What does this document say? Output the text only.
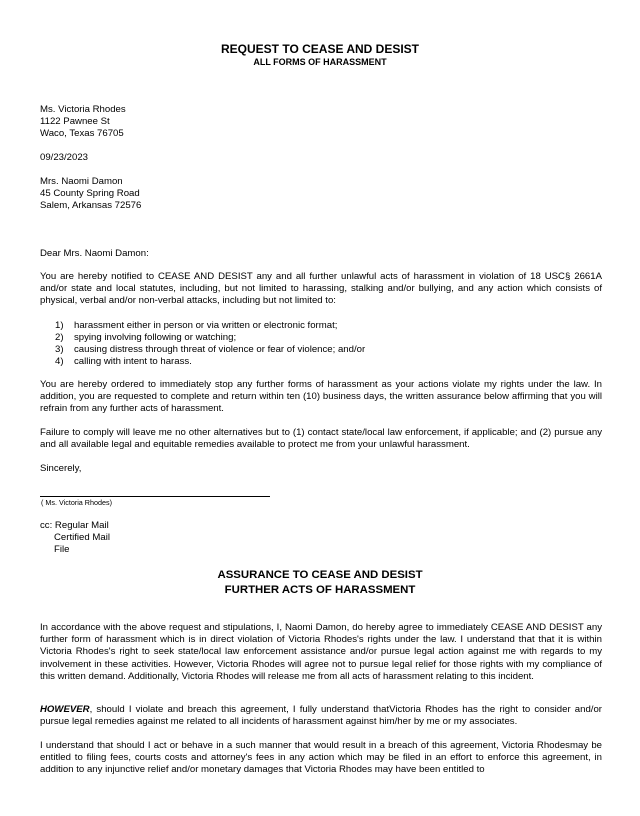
REQUEST TO CEASE AND DESIST
ALL FORMS OF HARASSMENT
Ms. Victoria Rhodes
1122 Pawnee St
Waco, Texas 76705
09/23/2023
Mrs. Naomi Damon
45 County Spring Road
Salem, Arkansas 72576
Dear Mrs. Naomi Damon:
You are hereby notified to CEASE AND DESIST any and all further unlawful acts of harassment in violation of 18 USC§ 2661A and/or state and local statutes, including, but not limited to harassing, stalking and/or bullying, and any action which consists of physical, verbal and/or non-verbal attacks, including but not limited to:
1) harassment either in person or via written or electronic format;
2) spying involving following or watching;
3) causing distress through threat of violence or fear of violence; and/or
4) calling with intent to harass.
You are hereby ordered to immediately stop any further forms of harassment as your actions violate my rights under the law. In addition, you are requested to complete and return within ten (10) business days, the written assurance below affirming that you will refrain from any further acts of harassment.
Failure to comply will leave me no other alternatives but to (1) contact state/local law enforcement, if applicable; and (2) pursue any and all available legal and equitable remedies available to protect me from your unlawful harassment.
Sincerely,
( Ms. Victoria Rhodes)
cc: Regular Mail
Certified Mail
File
ASSURANCE TO CEASE AND DESIST
FURTHER ACTS OF HARASSMENT
In accordance with the above request and stipulations, I, Naomi Damon, do hereby agree to immediately CEASE AND DESIST any further form of harassment which is in direct violation of Victoria Rhodes's rights under the law. I understand that that it is within Victoria Rhodes's right to seek state/local law enforcement assistance and/or pursue legal action against me with regards to my involvement in these activities. However, Victoria Rhodes will agree not to pursue legal relief for those rights with my compliance of this written demand. Additionally, Victoria Rhodes will release me from all acts of harassment relating to this incident.
HOWEVER, should I violate and breach this agreement, I fully understand thatVictoria Rhodes has the right to consider and/or pursue legal remedies against me related to all incidents of harassment against him/her by me or my associates.
I understand that should I act or behave in a such manner that would result in a breach of this agreement, Victoria Rhodesmay be entitled to filing fees, courts costs and attorney's fees in any action which may be filed in an effort to enforce this agreement, in addition to any injunctive relief and/or monetary damages that Victoria Rhodes may have been entitled to
